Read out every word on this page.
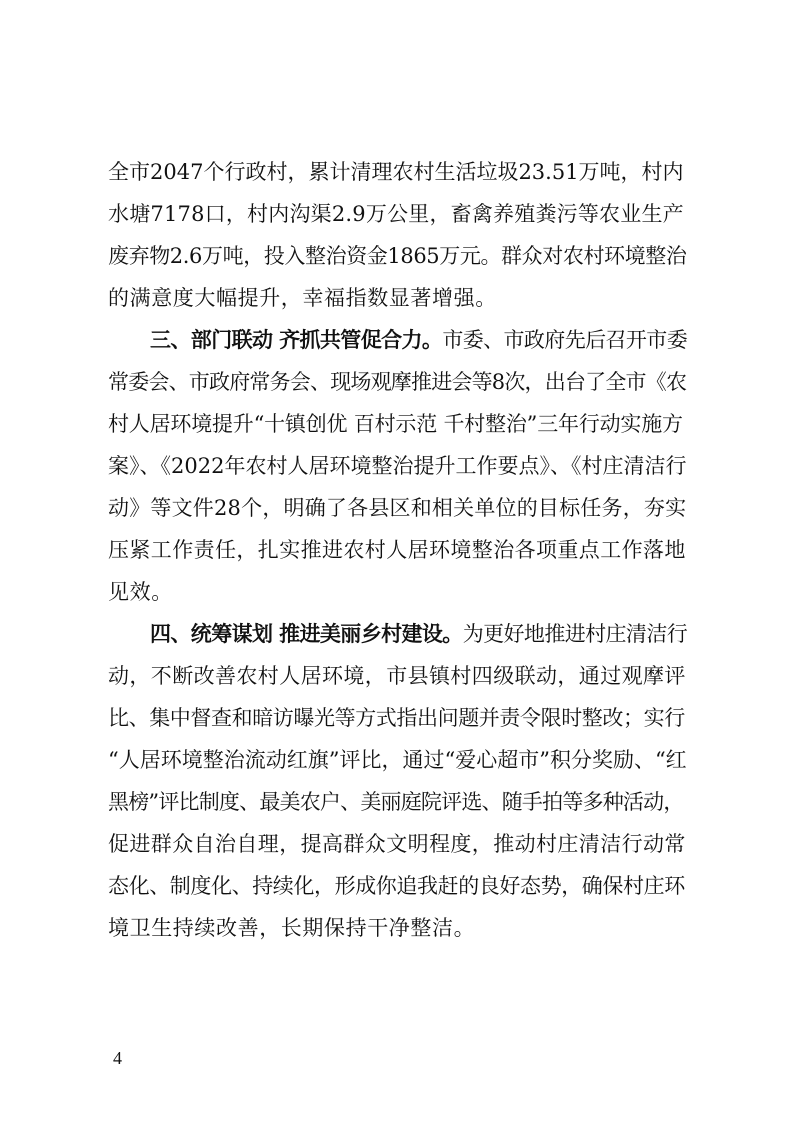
全市2047个行政村，累计清理农村生活垃圾23.51万吨，村内
水塘7178口，村内沟渠2.9万公里，畜禽养殖粪污等农业生产
废弃物2.6万吨，投入整治资金1865万元。群众对农村环境整治
的满意度大幅提升，幸福指数显著增强。
三、部门联动 齐抓共管促合力。市委、市政府先后召开市委
常委会、市政府常务会、现场观摩推进会等8次，出台了全市《农
村人居环境提升“十镇创优 百村示范 千村整治”三年行动实施方
案》、《2022年农村人居环境整治提升工作要点》、《村庄清洁行
动》等文件28个，明确了各县区和相关单位的目标任务，夯实
压紧工作责任，扎实推进农村人居环境整治各项重点工作落地
见效。
四、统筹谋划 推进美丽乡村建设。为更好地推进村庄清洁行
动，不断改善农村人居环境，市县镇村四级联动，通过观摩评
比、集中督查和暗访曝光等方式指出问题并责令限时整改；实行
“人居环境整治流动红旗”评比，通过“爱心超市”积分奖励、“红
黑榜”评比制度、最美农户、美丽庭院评选、随手拍等多种活动，
促进群众自治自理，提高群众文明程度，推动村庄清洁行动常
态化、制度化、持续化，形成你追我赶的良好态势，确保村庄环
境卫生持续改善，长期保持干净整洁。
4
